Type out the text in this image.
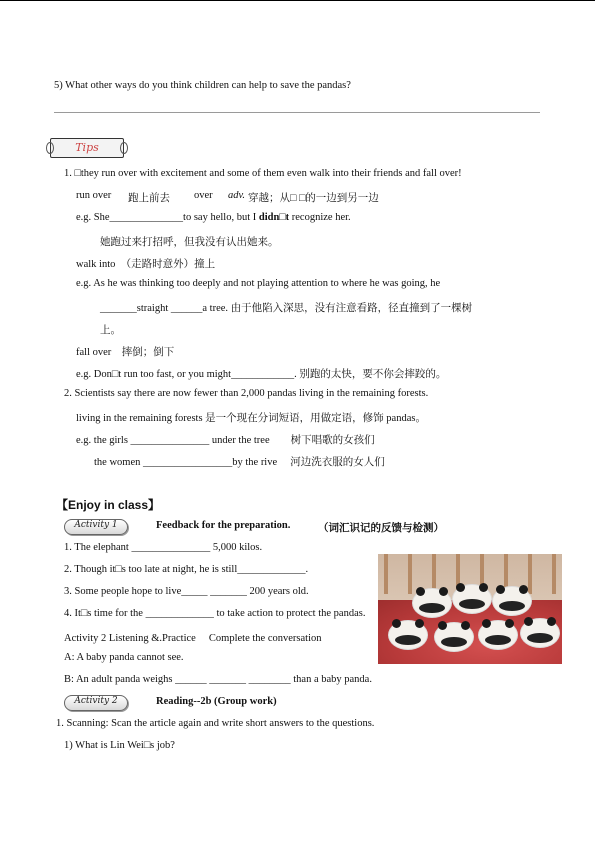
5) What other ways do you think children can help to save the pandas?
Tips
1. □they run over with excitement and some of them even walk into their friends and fall over!
run over 跑上前去 over adv. 穿越；从□ □的一边到另一边
e.g. She______________to say hello, but I didn□t recognize her.
她跑过来打招呼，但我没有认出她来。
walk into　（走路时意外）撞上
e.g. As he was thinking too deeply and not playing attention to where he was going, he
_______straight ______a tree. 由于他陷入深思，没有注意看路，径直撞到了一棵树
上。
fall over　摔倒；倒下
e.g. Don□t run too fast, or you might____________. 别跑的太快，要不你会摔跤的。
2. Scientists say there are now fewer than 2,000 pandas living in the remaining forests.
living in the remaining forests 是一个现在分词短语，用做定语，修饰 pandas。
e.g. the girls _______________ under the tree　　树下唱歌的女孩们
the women _________________by the rive　 河边洗衣服的女人们
【Enjoy in class】
Activity 1	Feedback for the preparation.	（词汇识记的反馈与检测）
1. The elephant _______________ 5,000 kilos.
2. Though it□s too late at night, he is still_____________.
3. Some people hope to live_____ _______ 200 years old.
4. It□s time for the _____________ to take action to protect the pandas.
Activity 2 Listening &.Practice　 Complete the conversation
A: A baby panda cannot see.
B: An adult panda weighs ______ _______ ________ than a baby panda.
Activity 2	Reading--2b (Group work)
1. Scanning: Scan the article again and write short answers to the questions.
1) What is Lin Wei□s job?
